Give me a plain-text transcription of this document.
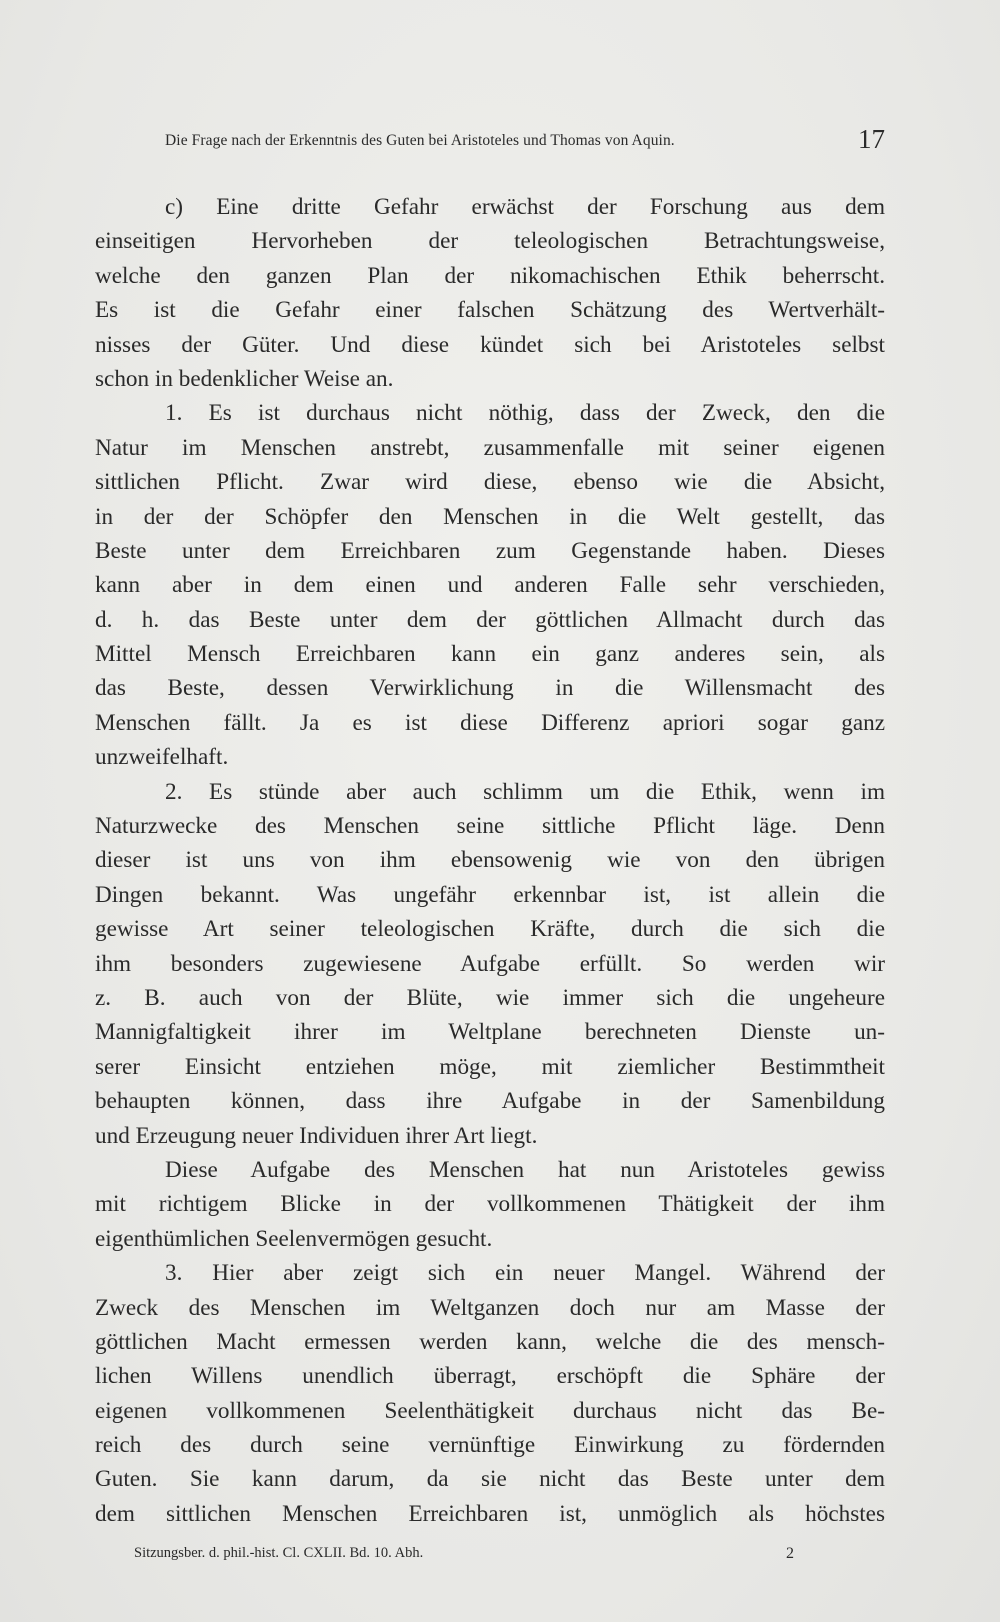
Die Frage nach der Erkenntnis des Guten bei Aristoteles und Thomas von Aquin.	17
c) Eine dritte Gefahr erwächst der Forschung aus dem
einseitigen Hervorheben der teleologischen Betrachtungsweise,
welche den ganzen Plan der nikomachischen Ethik beherrscht.
Es ist die Gefahr einer falschen Schätzung des Wertverhält-
nisses der Güter. Und diese kündet sich bei Aristoteles selbst
schon in bedenklicher Weise an.
1. Es ist durchaus nicht nöthig, dass der Zweck, den die
Natur im Menschen anstrebt, zusammenfalle mit seiner eigenen
sittlichen Pflicht. Zwar wird diese, ebenso wie die Absicht,
in der der Schöpfer den Menschen in die Welt gestellt, das
Beste unter dem Erreichbaren zum Gegenstande haben. Dieses
kann aber in dem einen und anderen Falle sehr verschieden,
d. h. das Beste unter dem der göttlichen Allmacht durch das
Mittel Mensch Erreichbaren kann ein ganz anderes sein, als
das Beste, dessen Verwirklichung in die Willensmacht des
Menschen fällt. Ja es ist diese Differenz apriori sogar ganz
unzweifelhaft.
2. Es stünde aber auch schlimm um die Ethik, wenn im
Naturzwecke des Menschen seine sittliche Pflicht läge. Denn
dieser ist uns von ihm ebensowenig wie von den übrigen
Dingen bekannt. Was ungefähr erkennbar ist, ist allein die
gewisse Art seiner teleologischen Kräfte, durch die sich die
ihm besonders zugewiesene Aufgabe erfüllt. So werden wir
z. B. auch von der Blüte, wie immer sich die ungeheure
Mannigfaltigkeit ihrer im Weltplane berechneten Dienste un-
serer Einsicht entziehen möge, mit ziemlicher Bestimmtheit
behaupten können, dass ihre Aufgabe in der Samenbildung
und Erzeugung neuer Individuen ihrer Art liegt.
Diese Aufgabe des Menschen hat nun Aristoteles gewiss
mit richtigem Blicke in der vollkommenen Thätigkeit der ihm
eigenthümlichen Seelenvermögen gesucht.
3. Hier aber zeigt sich ein neuer Mangel. Während der
Zweck des Menschen im Weltganzen doch nur am Masse der
göttlichen Macht ermessen werden kann, welche die des mensch-
lichen Willens unendlich überragt, erschöpft die Sphäre der
eigenen vollkommenen Seelenthätigkeit durchaus nicht das Be-
reich des durch seine vernünftige Einwirkung zu fördernden
Guten. Sie kann darum, da sie nicht das Beste unter dem
dem sittlichen Menschen Erreichbaren ist, unmöglich als höchstes
Sitzungsber. d. phil.-hist. Cl. CXLII. Bd. 10. Abh.	2
